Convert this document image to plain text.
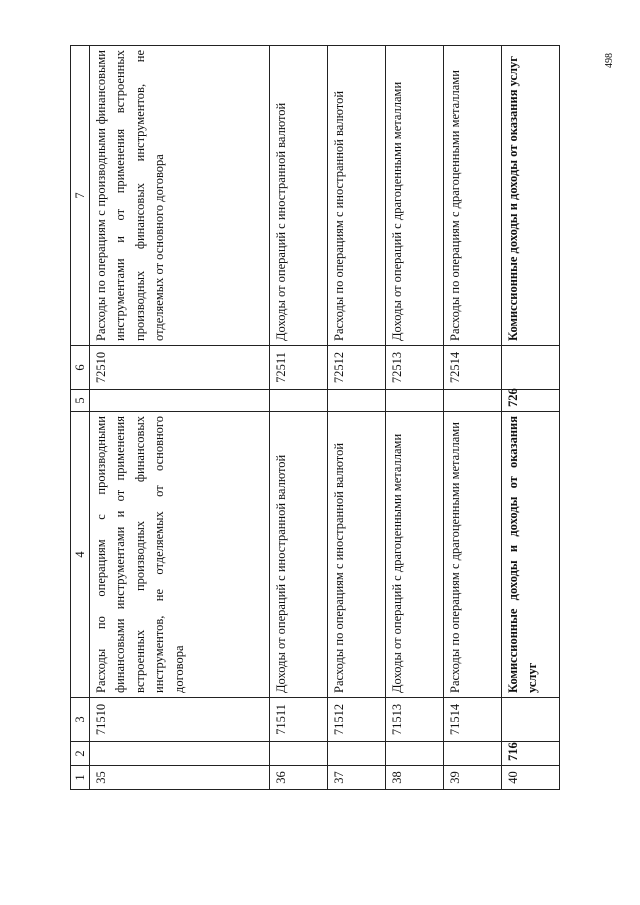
498
1	2	3	4	5	6	7
35		71510	Расходы по операциям с производными финансовыми инструментами и от применения встроенных производных финансовых инструментов, не отделяемых от основного договора		72510	Расходы по операциям с производными финансовыми инструментами и от применения встроенных производных финансовых инструментов, не отделяемых от основного договора
36		71511	Доходы от операций с иностранной валютой		72511	Доходы от операций с иностранной валютой
37		71512	Расходы по операциям с иностранной валютой		72512	Расходы по операциям с иностранной валютой
38		71513	Доходы от операций с драгоценными металлами		72513	Доходы от операций с драгоценными металлами
39		71514	Расходы по операциям с драгоценными металлами		72514	Расходы по операциям с драгоценными металлами
40	716		Комиссионные доходы и доходы от оказания услуг	726		Комиссионные доходы и доходы от оказания услуг
